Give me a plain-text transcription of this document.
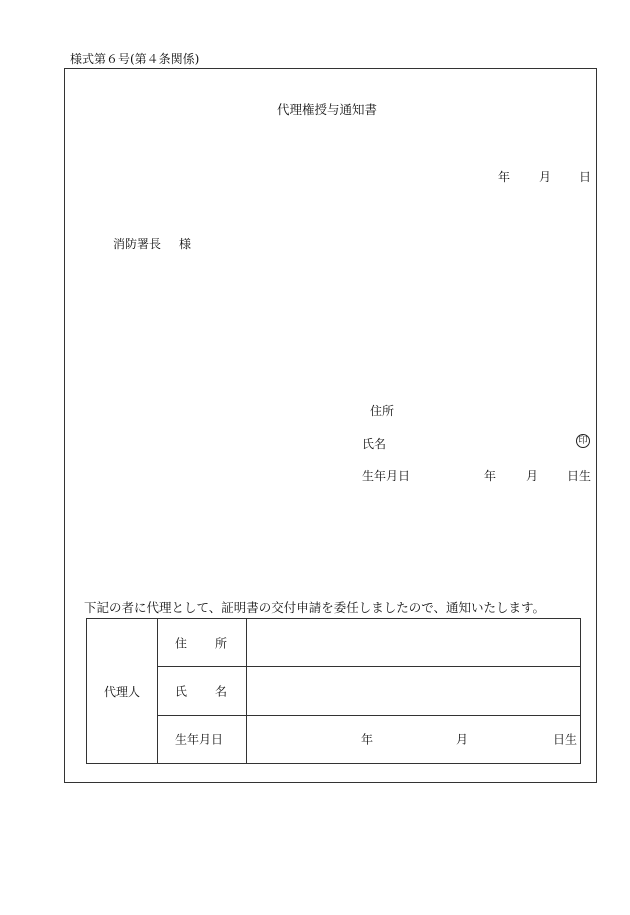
様式第６号(第４条関係)
代理権授与通知書
年 月 日
消防署長 様
住所
氏名	印
生年月日	年 月 日生
下記の者に代理として、証明書の交付申請を委任しましたので、通知いたします。
代理人	住 所	

	氏 名	

	生年月日	年 月 日生
